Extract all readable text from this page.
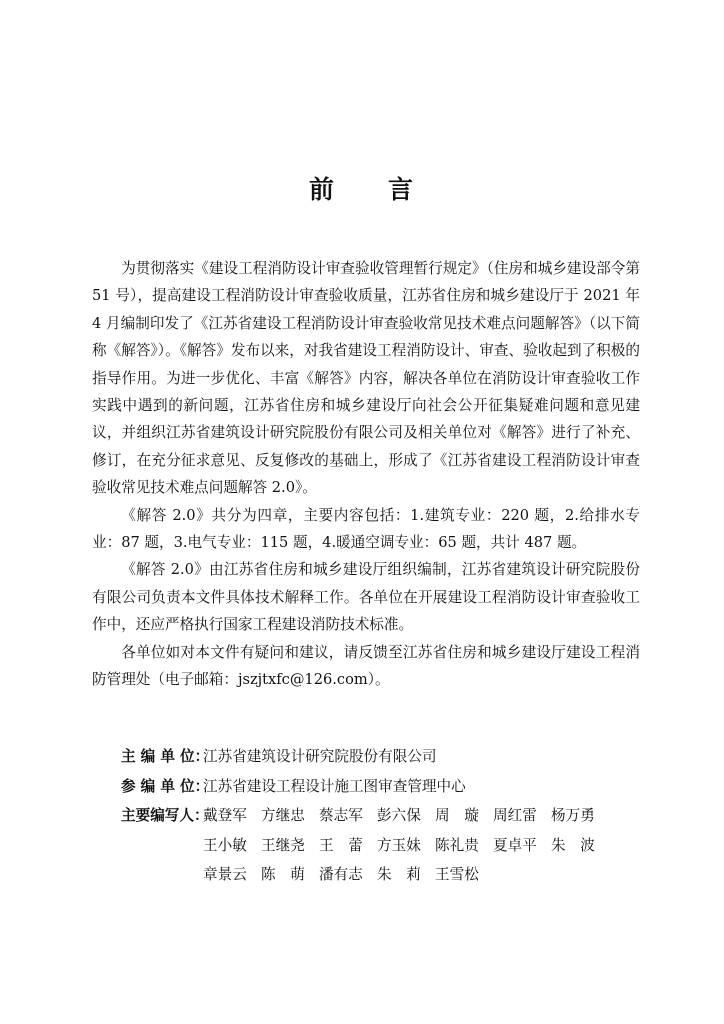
前 言

为贯彻落实《建设工程消防设计审查验收管理暂行规定》（住房和城乡建设部令第 51 号），提高建设工程消防设计审查验收质量，江苏省住房和城乡建设厅于 2021 年 4 月编制印发了《江苏省建设工程消防设计审查验收常见技术难点问题解答》（以下简称《解答》）。《解答》发布以来，对我省建设工程消防设计、审查、验收起到了积极的指导作用。为进一步优化、丰富《解答》内容，解决各单位在消防设计审查验收工作实践中遇到的新问题，江苏省住房和城乡建设厅向社会公开征集疑难问题和意见建议，并组织江苏省建筑设计研究院股份有限公司及相关单位对《解答》进行了补充、修订，在充分征求意见、反复修改的基础上，形成了《江苏省建设工程消防设计审查验收常见技术难点问题解答 2.0》。

《解答 2.0》共分为四章，主要内容包括：1.建筑专业：220 题，2.给排水专业：87 题，3.电气专业：115 题，4.暖通空调专业：65 题，共计 487 题。

《解答 2.0》由江苏省住房和城乡建设厅组织编制，江苏省建筑设计研究院股份有限公司负责本文件具体技术解释工作。各单位在开展建设工程消防设计审查验收工作中，还应严格执行国家工程建设消防技术标准。

各单位如对本文件有疑问和建议，请反馈至江苏省住房和城乡建设厅建设工程消防管理处（电子邮箱：jszjtxfc@126.com）。

主 编 单 位：
江苏省建筑设计研究院股份有限公司
参 编 单 位：
江苏省建设工程设计施工图审查管理中心
主要编写人：
戴登军 方继忠 蔡志军 彭六保 周　璇 周红雷 杨万勇
王小敏 王继尧 王　蕾 方玉妹 陈礼贵 夏卓平 朱　波
章景云 陈　萌 潘有志 朱　莉 王雪松
